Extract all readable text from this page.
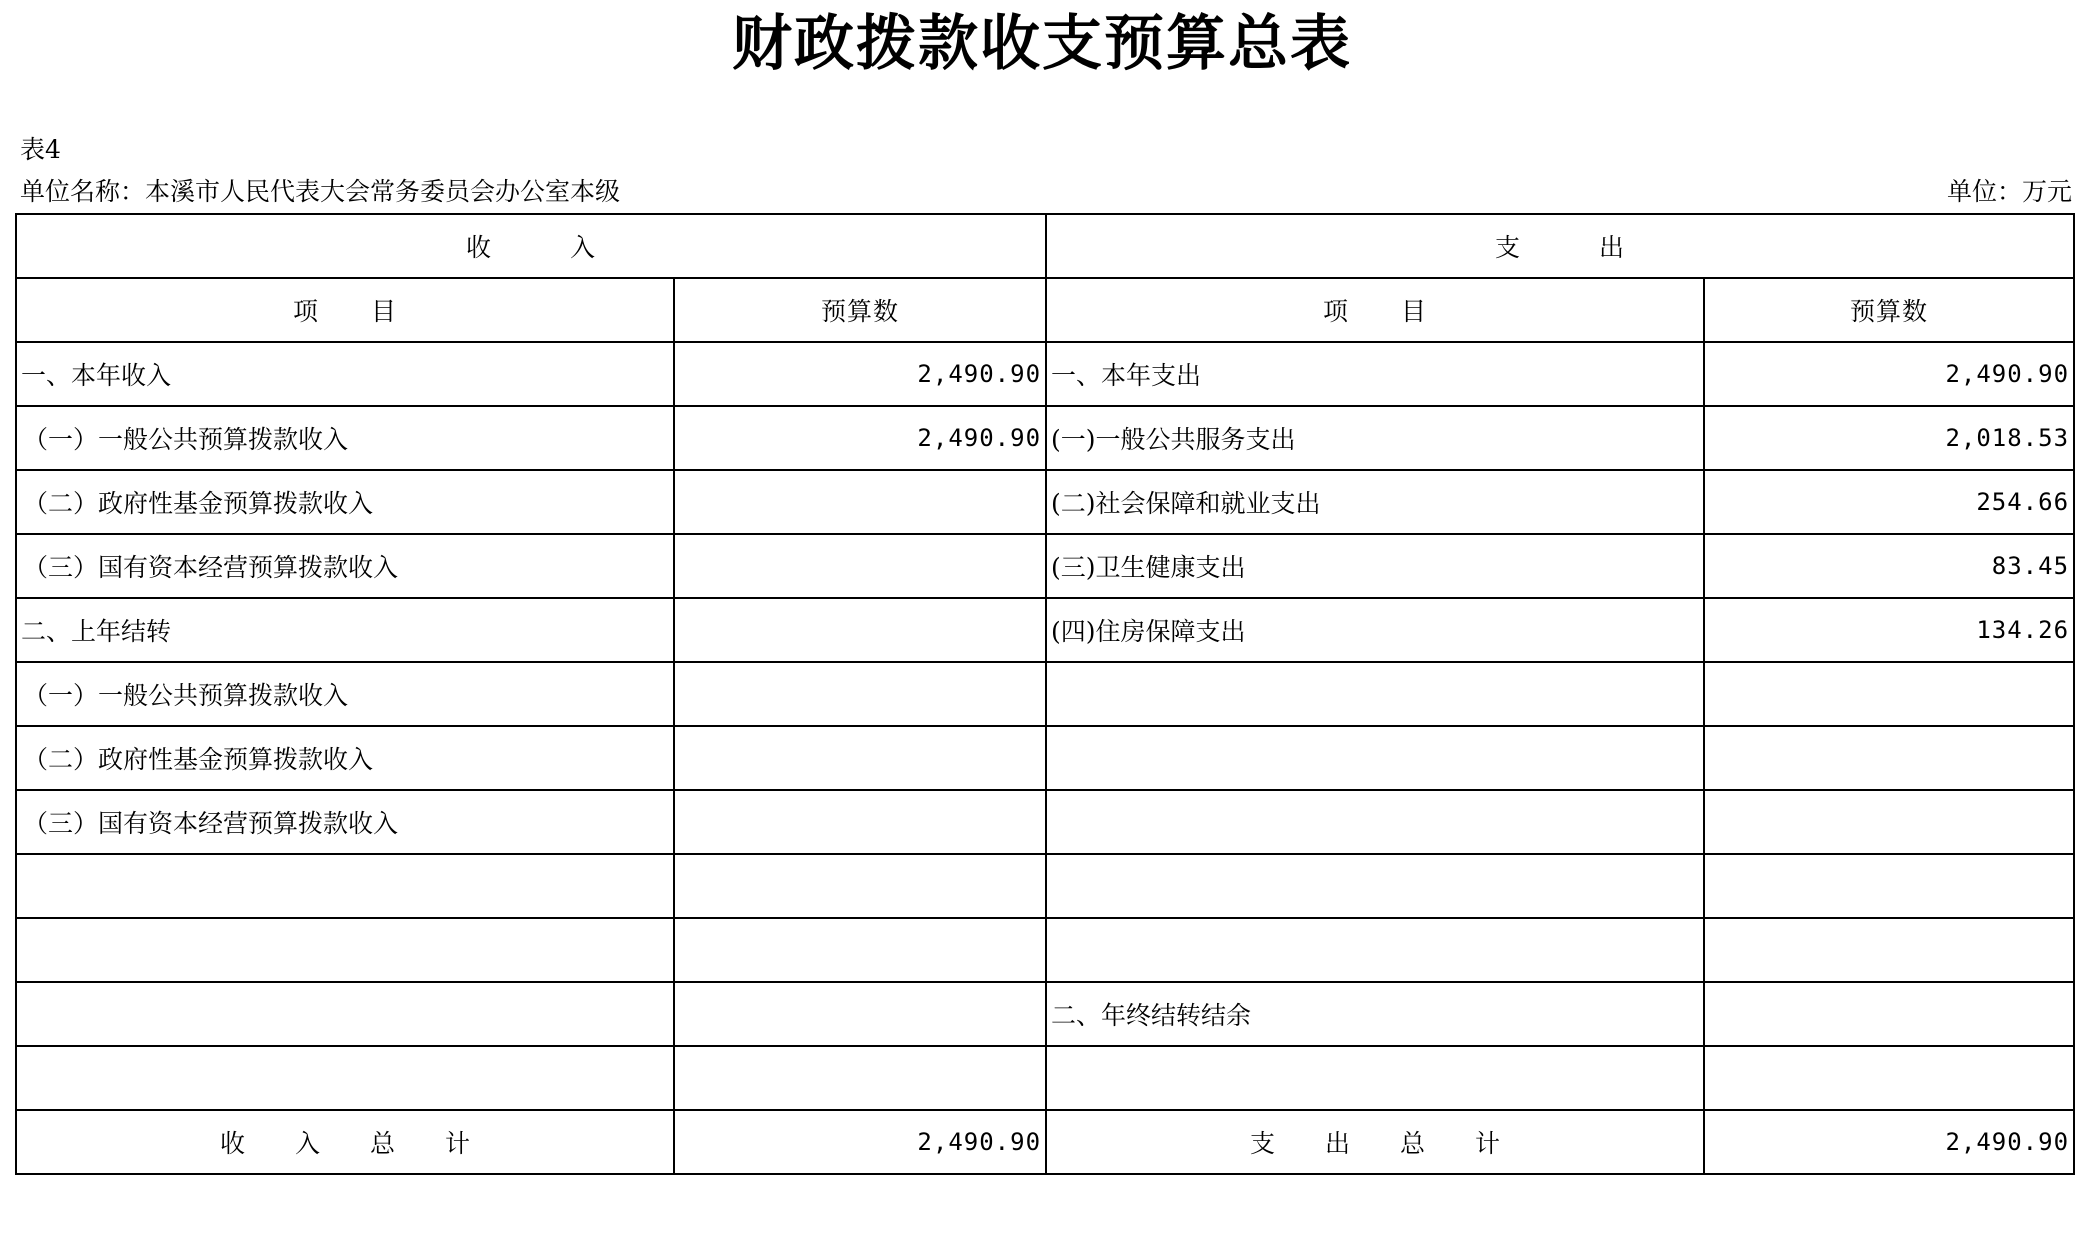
财政拨款收支预算总表
表4
单位名称：本溪市人民代表大会常务委员会办公室本级	单位：万元
收　　　入		支　　　出	
项　　目	预算数	项　　目	预算数
一、本年收入	2,490.90	一、本年支出	2,490.90
（一）一般公共预算拨款收入	2,490.90	(一)一般公共服务支出	2,018.53
（二）政府性基金预算拨款收入		(二)社会保障和就业支出	254.66
（三）国有资本经营预算拨款收入		(三)卫生健康支出	83.45
二、上年结转		(四)住房保障支出	134.26
（一）一般公共预算拨款收入			
（二）政府性基金预算拨款收入			
（三）国有资本经营预算拨款收入			

		二、年终结转结余	

收　　入　　总　　计	2,490.90	支　　出　　总　　计	2,490.90
